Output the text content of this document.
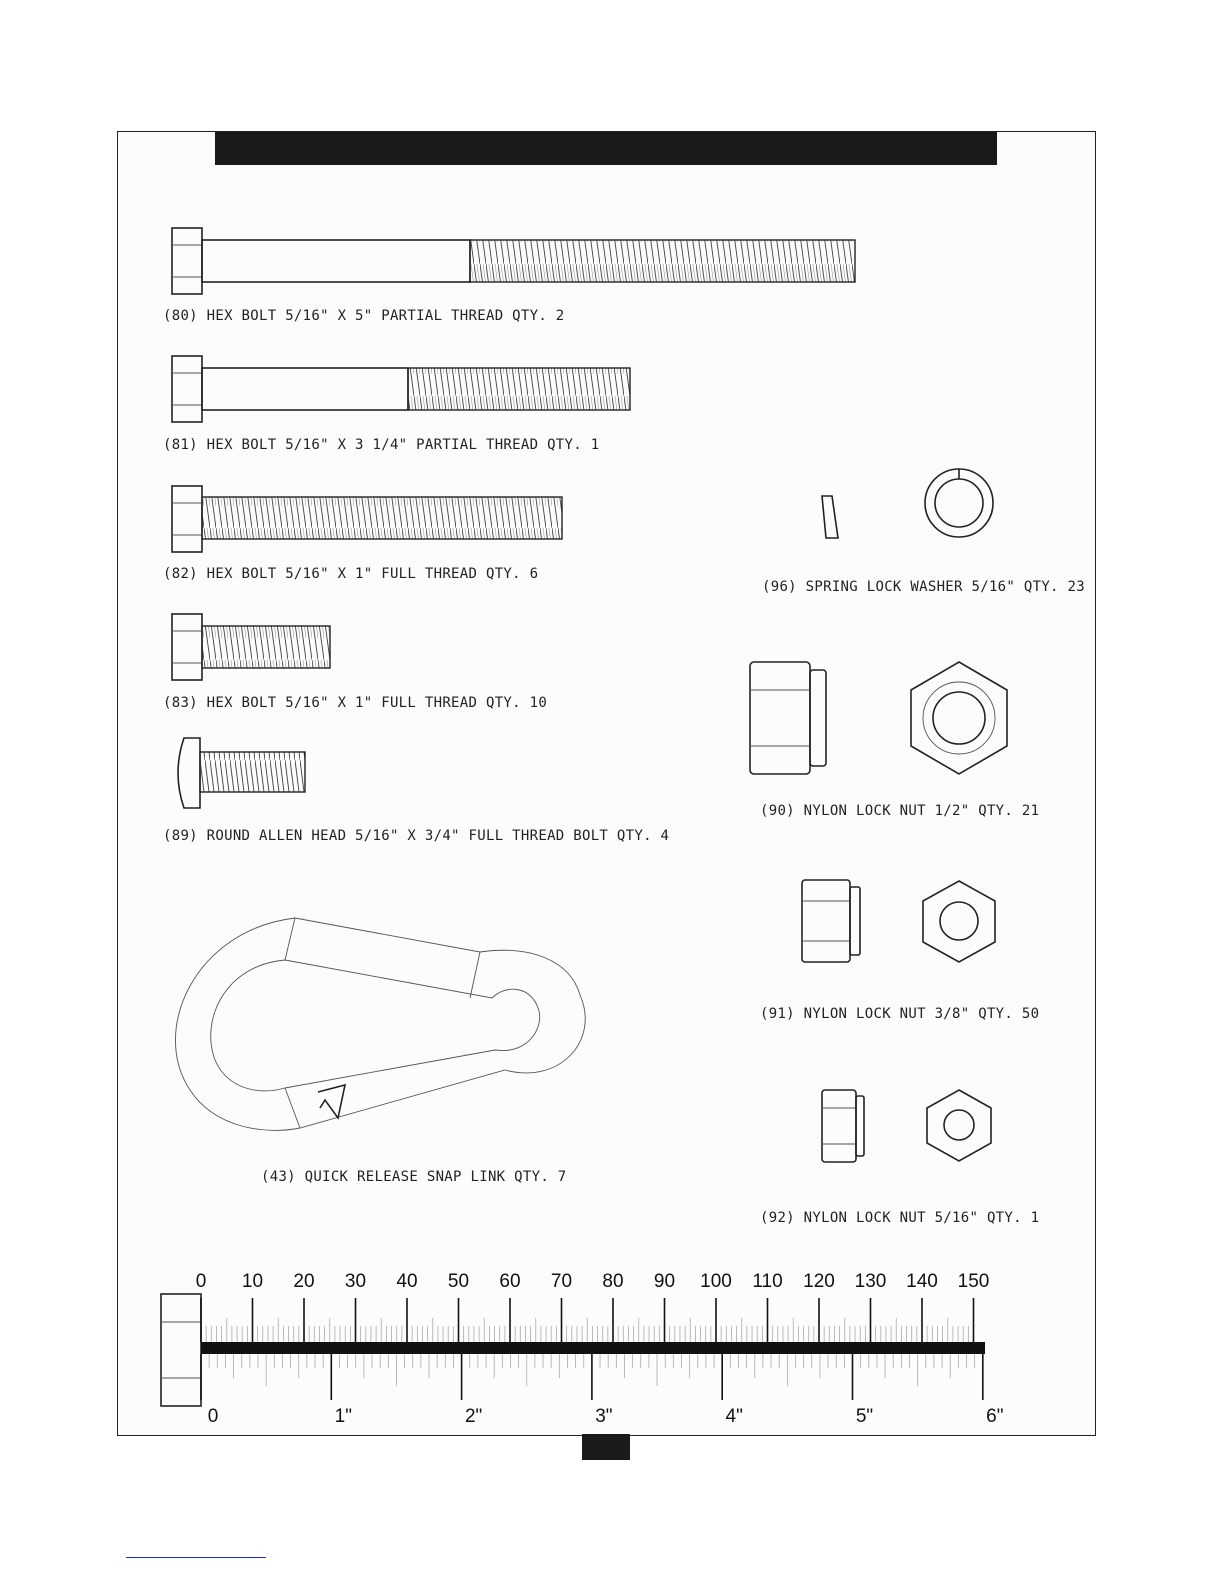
(80) HEX BOLT 5/16" X 5" PARTIAL THREAD QTY. 2
(81) HEX BOLT 5/16" X 3 1/4" PARTIAL THREAD QTY. 1
(82) HEX BOLT 5/16" X 1" FULL THREAD QTY. 6
(83) HEX BOLT 5/16" X 1" FULL THREAD QTY. 10
(89) ROUND ALLEN HEAD 5/16" X 3/4" FULL THREAD BOLT QTY. 4
(43) QUICK RELEASE SNAP LINK QTY. 7
(96) SPRING LOCK WASHER 5/16" QTY. 23
(90) NYLON LOCK NUT 1/2" QTY. 21
(91) NYLON LOCK NUT 3/8" QTY. 50
(92) NYLON LOCK NUT 5/16" QTY. 1
0 10 20 30 40 50 60 70 80 90 100 110 120 130 140 150
0	1"	2"	3"	4"	5"	6"
